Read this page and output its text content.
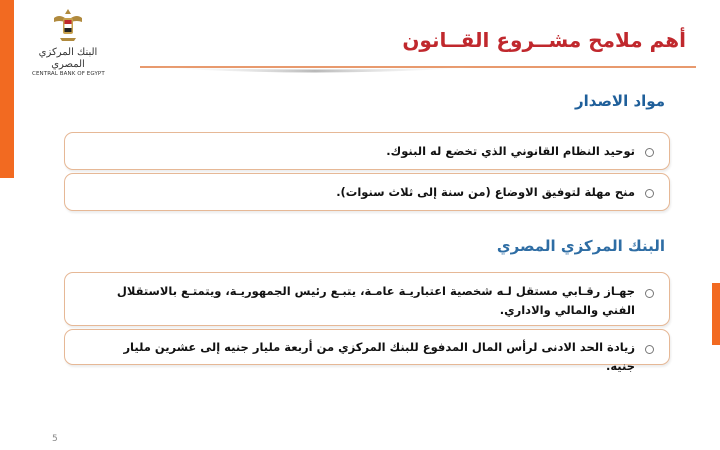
البنك المركزي المصري
CENTRAL BANK OF EGYPT
أهم ملامح مشــروع القــانون
مواد الاصدار
توحيد النظام القانوني الذي تخضع له البنوك.
منح مهلة لتوفيق الاوضاع (من سنة إلى ثلاث سنوات).
البنك المركزي المصري
جهـاز رقـابي مستقل لـه شخصية اعتباريـة عامـة، يتبـع رئيس الجمهوريـة، ويتمتـع بالاستقلال الفني والمالي والاداري.
زيادة الحد الادنى لرأس المال المدفوع للبنك المركزي من أربعة مليار جنيه إلى عشرين مليار جنيه.
5
